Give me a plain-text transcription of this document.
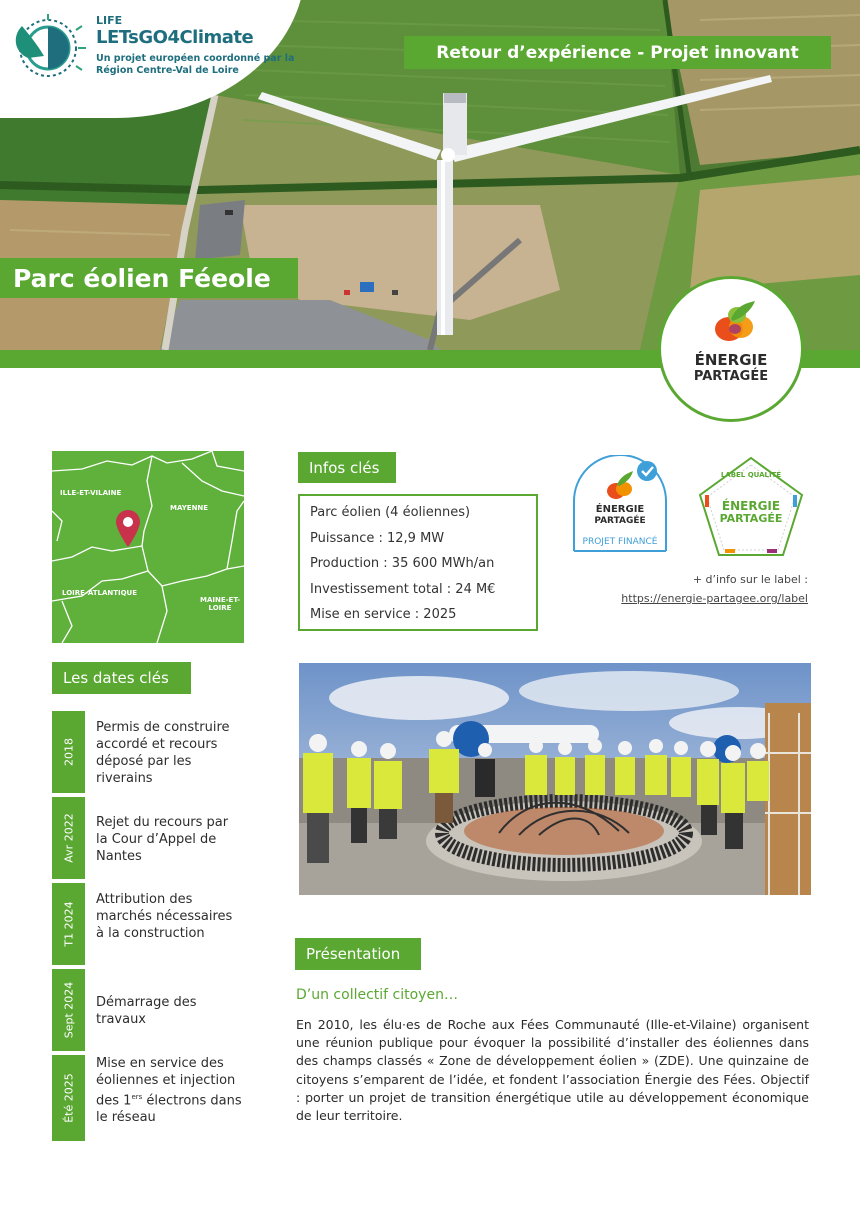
LIFE
LETsGO4Climate
Un projet européen coordonné par la Région Centre-Val de Loire
Retour d’expérience - Projet innovant
Parc éolien Féeole
ÉNERGIE
PARTAGÉE
ILLE-ET-VILAINE
MAYENNE
LOIRE-ATLANTIQUE
MAINE-ET-LOIRE
Infos clés
Parc éolien (4 éoliennes)
Puissance : 12,9 MW
Production : 35 600 MWh/an
Investissement total : 24 M€
Mise en service : 2025
ÉNERGIE
PARTAGÉE
PROJET FINANCÉ
LABEL QUALITÉ
ÉNERGIE
PARTAGÉE
+ d’info sur le label :
https://energie-partagee.org/label
Les dates clés
2018
Permis de construire accordé et recours déposé par les riverains
Avr 2022 Rejet du recours par la Cour d’Appel de Nantes
T1 2024
Attribution des marchés nécessaires à la construction
Sept 2024 Démarrage des travaux
Été 2025
Mise en service des éoliennes et injection des 1ers électrons dans le réseau
Présentation
D’un collectif citoyen…
En 2010, les élu·es de Roche aux Fées Communauté (Ille-et-Vilaine) organisent une réunion publique pour évoquer la possibilité d’installer des éoliennes dans des champs classés « Zone de développement éolien » (ZDE). Une quinzaine de citoyens s’emparent de l’idée, et fondent l’association Énergie des Fées. Objectif : porter un projet de transition énergétique utile au développement économique de leur territoire.
